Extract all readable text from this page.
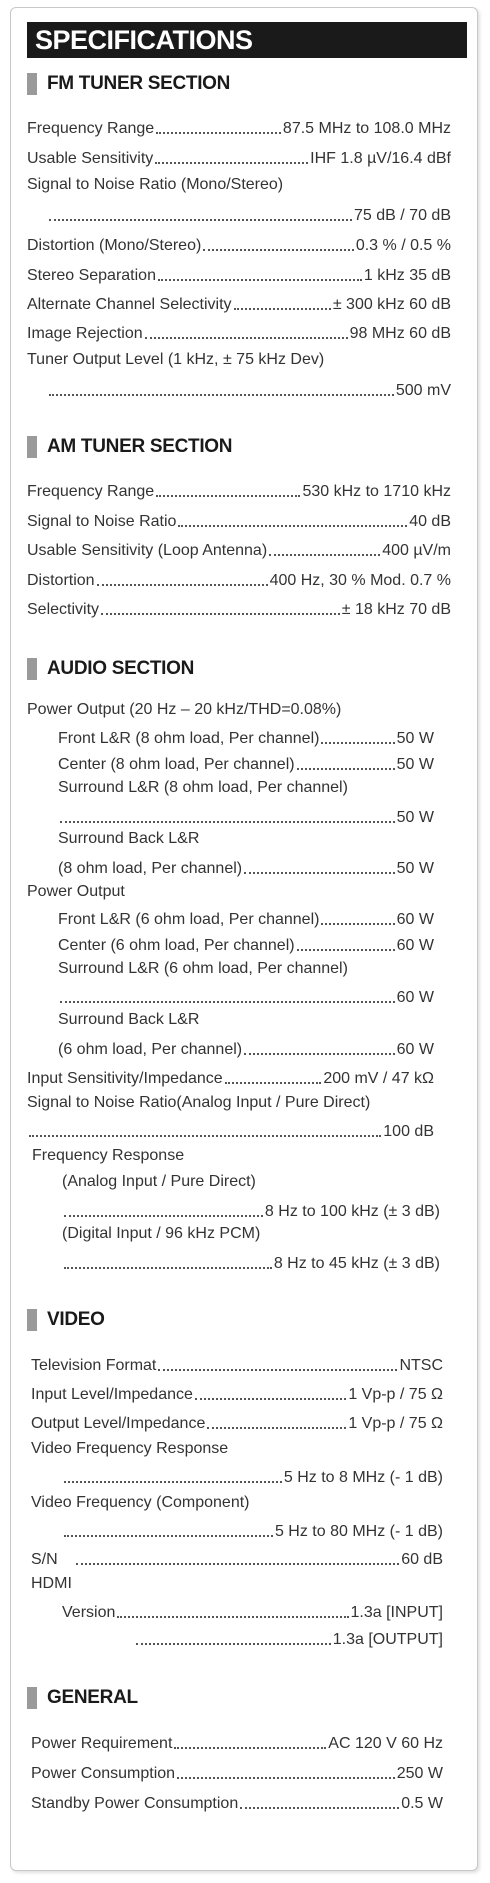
SPECIFICATIONS
FM TUNER SECTION
Frequency Range	87.5 MHz to 108.0 MHz
Usable Sensitivity	IHF 1.8 µV/16.4 dBf
Signal to Noise Ratio (Mono/Stereo)
75 dB / 70 dB
Distortion (Mono/Stereo)	0.3 % / 0.5 %
Stereo Separation	1 kHz 35 dB
Alternate Channel Selectivity	± 300 kHz 60 dB
Image Rejection	98 MHz 60 dB
Tuner Output Level (1 kHz, ± 75 kHz Dev)
500 mV
AM TUNER SECTION
Frequency Range	530 kHz to 1710 kHz
Signal to Noise Ratio	40 dB
Usable Sensitivity (Loop Antenna)	400 µV/m
Distortion	400 Hz, 30 % Mod. 0.7 %
Selectivity	± 18 kHz 70 dB
AUDIO SECTION
Power Output (20 Hz – 20 kHz/THD=0.08%)
Front L&R (8 ohm load, Per channel)	50 W
Center (8 ohm load, Per channel)	50 W
Surround L&R (8 ohm load, Per channel)
50 W
Surround Back L&R
(8 ohm load, Per channel)	50 W
Power Output
Front L&R (6 ohm load, Per channel)	60 W
Center (6 ohm load, Per channel)	60 W
Surround L&R (6 ohm load, Per channel)
60 W
Surround Back L&R
(6 ohm load, Per channel)	60 W
Input Sensitivity/Impedance	200 mV / 47 kΩ
Signal to Noise Ratio(Analog Input / Pure Direct)
100 dB
Frequency Response
(Analog Input / Pure Direct)
8 Hz to 100 kHz (± 3 dB)
(Digital Input / 96 kHz PCM)
8 Hz to 45 kHz (± 3 dB)
VIDEO
Television Format	NTSC
Input Level/Impedance	1 Vp-p / 75 Ω
Output Level/Impedance	1 Vp-p / 75 Ω
Video Frequency Response
5 Hz to 8 MHz (- 1 dB)
Video Frequency (Component)
5 Hz to 80 MHz (- 1 dB)
S/N	60 dB
HDMI
Version	1.3a [INPUT]
1.3a [OUTPUT]
GENERAL
Power Requirement	AC 120 V 60 Hz
Power Consumption	250 W
Standby Power Consumption	0.5 W
